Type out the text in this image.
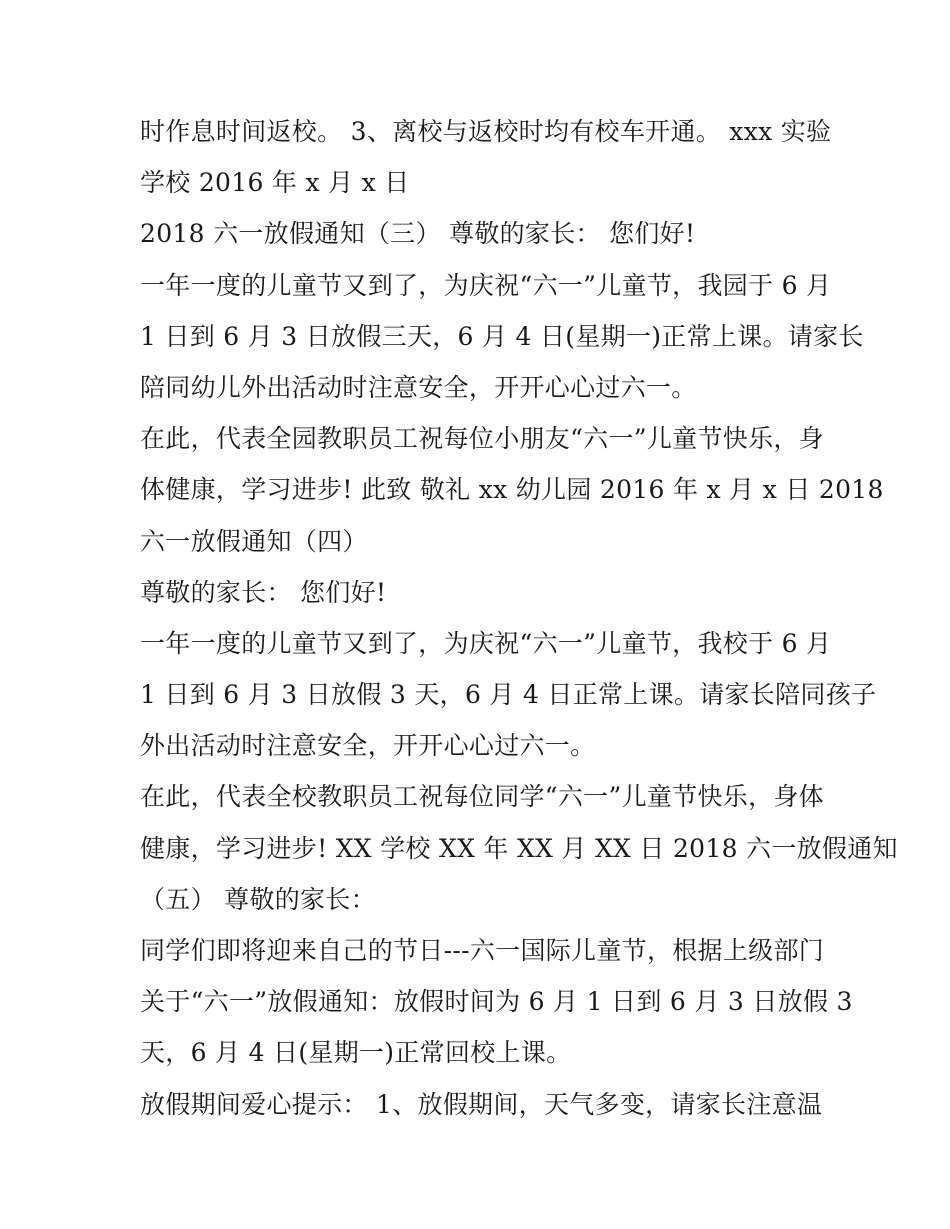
时作息时间返校。 3、离校与返校时均有校车开通。 xxx 实验
学校 2016 年 x 月 x 日
2018 六一放假通知（三） 尊敬的家长： 您们好!
一年一度的儿童节又到了，为庆祝“六一”儿童节，我园于 6 月
1 日到 6 月 3 日放假三天，6 月 4 日(星期一)正常上课。请家长
陪同幼儿外出活动时注意安全，开开心心过六一。
在此，代表全园教职员工祝每位小朋友“六一”儿童节快乐，身
体健康，学习进步! 此致 敬礼 xx 幼儿园 2016 年 x 月 x 日 2018
六一放假通知（四）
尊敬的家长： 您们好!
一年一度的儿童节又到了，为庆祝“六一”儿童节，我校于 6 月
1 日到 6 月 3 日放假 3 天，6 月 4 日正常上课。请家长陪同孩子
外出活动时注意安全，开开心心过六一。
在此，代表全校教职员工祝每位同学“六一”儿童节快乐，身体
健康，学习进步! XX 学校 XX 年 XX 月 XX 日 2018 六一放假通知
（五） 尊敬的家长：
同学们即将迎来自己的节日---六一国际儿童节，根据上级部门
关于“六一”放假通知：放假时间为 6 月 1 日到 6 月 3 日放假 3
天，6 月 4 日(星期一)正常回校上课。
放假期间爱心提示： 1、放假期间，天气多变，请家长注意温
